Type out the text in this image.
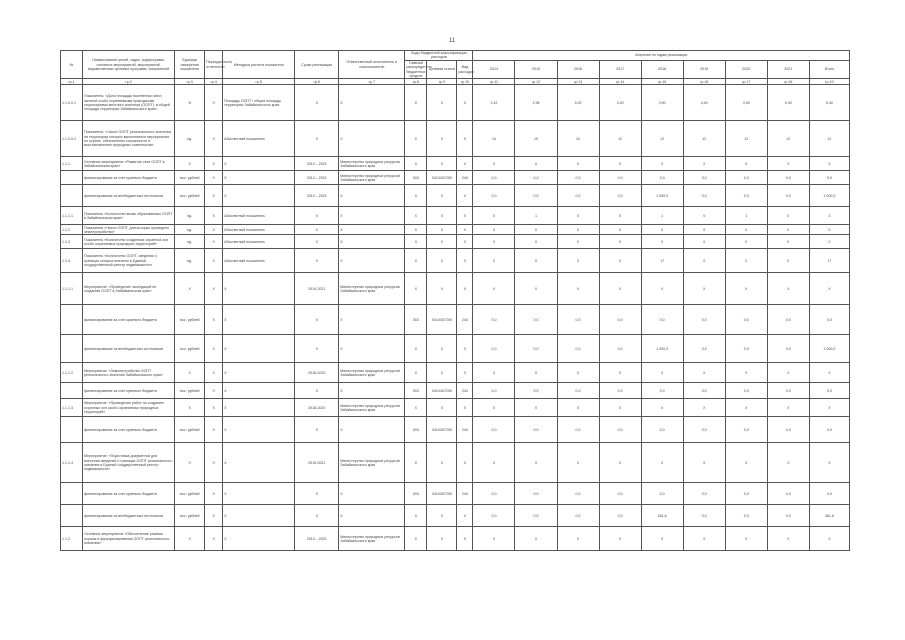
11
№	Наименование целей, задач, подпрограмм, основных мероприятий, мероприятий, ведомственных целевых программ, показателей	Единица измерения показателя	Периодичность отчетности	Методика расчета показателя	Сроки реализации	Ответственный исполнитель и соисполнители	Коды бюджетной классификации расходов			Значение по годам реализации								
							Главный распорядитель бюджетных средств	Целевая статья	Вид расходов	2014	2015	2016	2017	2018	2019	2020	2021	Итого
гр.1	гр.2	гр.3	гр.4	гр.5	гр.6	гр.7	гр.8	гр.9	гр.10	гр.11	гр.12	гр.13	гр.14	гр.15	гр.16	гр.17	гр.18	гр.19
1.1.0.0.1	Показатель: «Доля площади населенных мест, занятой особо охраняемыми природными территориями местного значения (ООПТ), в общей площади территории Забайкальского края»	%	X	Площадь ООПТ / общая площадь территории Забайкальского края	X	X	X	X	X	2,42	2,96	3,02	3,40	3,90	4,40	4,90	5,40	5,40
1.1.0.0.2	Показатель: «Число ООПТ регионального значения, на территории которых выполняются мероприятия по охране, обеспечению сохранности и восстановлению природных комплексов»	ед.	X	Абсолютный показатель	X	X	X	X	X	10	10	10	12	12	12	12	12	12
1.1.1	Основное мероприятие «Развитие сети ООПТ в Забайкальском крае»	X	X	X	2014 – 2021	Министерство природных ресурсов Забайкальского края	X	X	X	X	X	X	X	X	X	X	X	X
	финансирование за счет краевого бюджета	тыс. рублей	X	X	2014 – 2021	Министерство природных ресурсов Забайкальского края	003	0410407200	244	0,0	0,0	0,0	0,0	0,0	0,0	0,0	0,0	0,0
	финансирование из внебюджетных источников	тыс. рублей	X	X	2014 – 2021	X	X	X	X	0,0	0,0	0,0	0,0	1 000,0	0,0	0,0	0,0	1 000,0
1.1.1.1	Показатель «Количество вновь образованных ООПТ в Забайкальском крае»	ед.	X	Абсолютный показатель	X	X	X	X	X	0	1	0	0	1	0	1	0	3
1.1.2	Показатель «Число ООПТ, для которых проведено землеустройство»	ед.	X	Абсолютный показатель	X	X	X	X	X	0	0	0	0	0	0	0	0	0
1.1.3	Показатель «Количество созданных охранных зон особо охраняемых природных территорий»	ед.	X	Абсолютный показатель	X	X	X	X	X	0	0	0	0	0	0	0	0	0
1.1.4	Показатель «Количество ООПТ, сведения о границах которых внесены в Единый государственный реестр недвижимости»	ед.	X	Абсолютный показатель	X	X	X	X	X	0	0	0	0	17	0	0	0	17
1.1.1.1	Мероприятие: «Проведение экспедиций по созданию ООПТ в Забайкальском крае»	X	X	X	2014-2021	Министерство природных ресурсов Забайкальского края	X	X	X	X	X	X	X	X	X	X	X	X
	финансирование за счет краевого бюджета	тыс. рублей	X	X	X	X	003	0410407200	244	0,0	0,0	0,0	0,0	0,0	0,0	0,0	0,0	0,0
	финансирование из внебюджетных источников	тыс. рублей	X	X	X	X	X	X	X	0,0	0,0	0,0	0,0	1 000,0	0,0	0,0	0,0	1 000,0
1.1.1.2	Мероприятие: «Землеустройство ООПТ регионального значения Забайкальского края»	X	X	X	2016-2020	Министерство природных ресурсов Забайкальского края	X	X	X	X	X	X	X	X	X	X	X	X
	финансирование за счет краевого бюджета	тыс. рублей	X	X	X	X	003	0410407200	244	0,0	0,0	0,0	0,0	0,0	0,0	0,0	0,0	0,0
1.1.1.3	Мероприятие: «Проведение работ по созданию охранных зон особо охраняемых природных территорий»	X	X	X	2018-2020	Министерство природных ресурсов Забайкальского края	X	X	X	X	X	X	X	X	X	X	X	X
	финансирование за счет краевого бюджета	тыс. рублей	X	X	X	X	003	0410407200	244	0,0	0,0	0,0	0,0	0,0	0,0	0,0	0,0	0,0
1.1.1.4	Мероприятие: «Подготовка документов для внесения сведений о границах ООПТ регионального значения в Единый государственный реестр недвижимости»	X	X	X	2019-2021	Министерство природных ресурсов Забайкальского края	X	X	X	X	X	X	X	X	X	X	X	X
	финансирование за счет краевого бюджета	тыс. рублей	X	X	X	X	003	0410407200	244	0,0	0,0	0,0	0,0	0,0	0,0	0,0	0,0	0,0
	финансирование из внебюджетных источников	тыс. рублей	X	X	X	X	X	X	X	0,0	0,0	0,0	0,0	461,6	0,0	0,0	0,0	461,6
1.1.2	Основное мероприятие «Обеспечение режима охраны и функционирования ООПТ регионального значения»	X	X	X	2014 – 2021	Министерство природных ресурсов Забайкальского края	X	X	X	X	X	X	X	X	X	X	X	X
